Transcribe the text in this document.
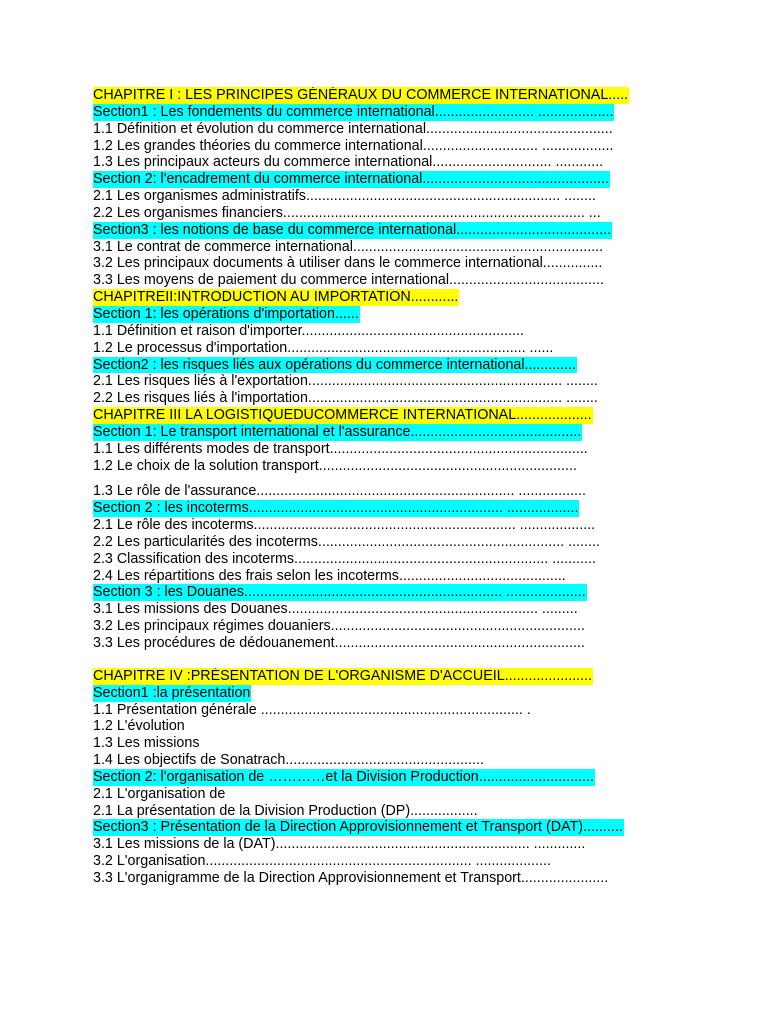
CHAPITRE I : LES PRINCIPES GÉNÉRAUX DU COMMERCE INTERNATIONAL.....
Section1 : Les fondements du commerce international......................... ...................
1.1 Définition et évolution du commerce international...............................................
1.2 Les grandes théories du commerce international............................. ..................
1.3 Les principaux acteurs du commerce international.............................. ............
Section 2: l'encadrement du commerce international...............................................
2.1 Les organismes administratifs................................................................ ........
2.2 Les organismes financiers............................................................................ ...
Section3 : les notions de base du commerce international.......................................
3.1 Le contrat de commerce international...............................................................
3.2 Les principaux documents à utiliser dans le commerce international...............
3.3 Les moyens de paiement du commerce international.......................................
CHAPITREII:INTRODUCTION AU IMPORTATION............
Section 1: les opérations d'importation......
1.1 Définition et raison d'importer........................................................
1.2 Le processus d'importation............................................................ ......
Section2 : les risques liés aux opérations du commerce international.............
2.1 Les risques liés à l'exportation................................................................ ........
2.2 Les risques liés à l'importation................................................................ ........
CHAPITRE III LA LOGISTIQUEDUCOMMERCE INTERNATIONAL...................
Section 1: Le transport international et l'assurance...........................................
1.1 Les différents modes de transport.................................................................
1.2 Le choix de la solution transport.................................................................
1.3 Le rôle de l'assurance................................................................. .................
Section 2 : les incoterms................................................................ ..................
2.1 Le rôle des incoterms.................................................................. ...................
2.2 Les particularités des incoterms.............................................................. ........
2.3 Classification des incoterms................................................................ ...........
2.4 Les répartitions des frais selon les incoterms..........................................
Section 3 : les Douanes................................................................. ....................
3.1 Les missions des Douanes............................................................... .........
3.2 Les principaux régimes douaniers................................................................
3.3 Les procédures de dédouanement...............................................................
CHAPITRE IV :PRÉSENTATION DE L'ORGANISME D'ACCUEIL......................
Section1 :la présentation
1.1 Présentation générale .................................................................. .
1.2 L'évolution
1.3 Les missions
1.4 Les objectifs de Sonatrach..................................................
Section 2: l'organisation de …………et la Division Production.............................
2.1 L'organisation de
2.1 La présentation de la Division Production (DP).................
Section3 : Présentation de la Direction Approvisionnement et Transport (DAT)..........
3.1 Les missions de la (DAT)................................................................ .............
3.2 L'organisation................................................................... ...................
3.3 L'organigramme de la Direction Approvisionnement et Transport......................
